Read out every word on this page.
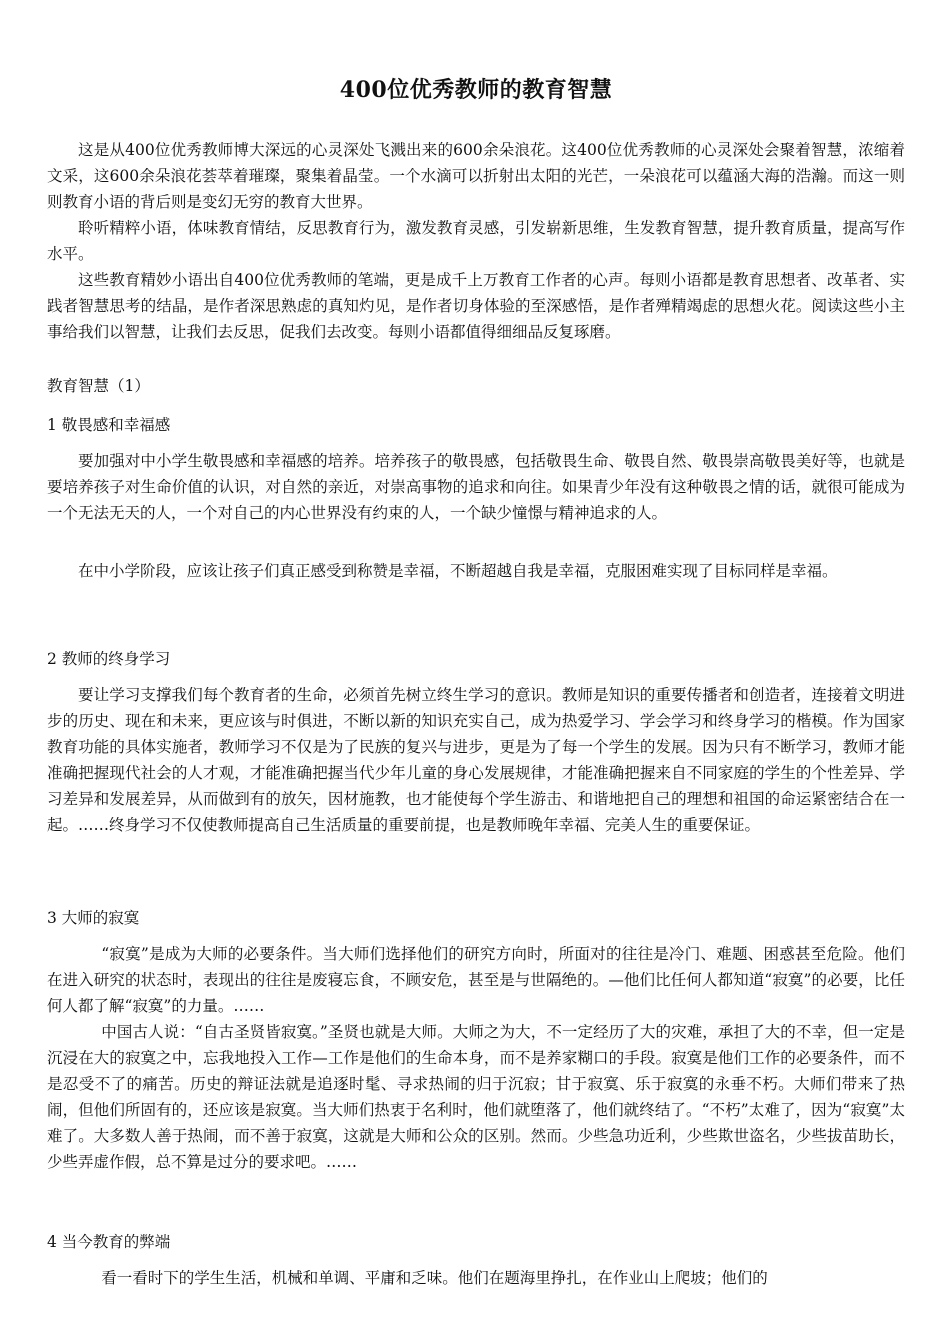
400位优秀教师的教育智慧

这是从400位优秀教师博大深远的心灵深处飞溅出来的600余朵浪花。这400位优秀教师的心灵深处会聚着智慧，浓缩着文采，这600余朵浪花荟萃着璀璨，聚集着晶莹。一个水滴可以折射出太阳的光芒，一朵浪花可以蕴涵大海的浩瀚。而这一则则教育小语的背后则是变幻无穷的教育大世界。

聆听精粹小语，体味教育情结，反思教育行为，激发教育灵感，引发崭新思维，生发教育智慧，提升教育质量，提高写作水平。

这些教育精妙小语出自400位优秀教师的笔端，更是成千上万教育工作者的心声。每则小语都是教育思想者、改革者、实践者智慧思考的结晶，是作者深思熟虑的真知灼见，是作者切身体验的至深感悟，是作者殚精竭虑的思想火花。阅读这些小主事给我们以智慧，让我们去反思，促我们去改变。每则小语都值得细细品反复琢磨。

教育智慧（1）
1 敬畏感和幸福感

要加强对中小学生敬畏感和幸福感的培养。培养孩子的敬畏感，包括敬畏生命、敬畏自然、敬畏崇高敬畏美好等，也就是要培养孩子对生命价值的认识，对自然的亲近，对崇高事物的追求和向往。如果青少年没有这种敬畏之情的话，就很可能成为一个无法无天的人，一个对自己的内心世界没有约束的人，一个缺少憧憬与精神追求的人。

在中小学阶段，应该让孩子们真正感受到称赞是幸福，不断超越自我是幸福，克服困难实现了目标同样是幸福。

2 教师的终身学习

要让学习支撑我们每个教育者的生命，必须首先树立终生学习的意识。教师是知识的重要传播者和创造者，连接着文明进步的历史、现在和未来，更应该与时俱进，不断以新的知识充实自己，成为热爱学习、学会学习和终身学习的楷模。作为国家教育功能的具体实施者，教师学习不仅是为了民族的复兴与进步，更是为了每一个学生的发展。因为只有不断学习，教师才能准确把握现代社会的人才观，才能准确把握当代少年儿童的身心发展规律，才能准确把握来自不同家庭的学生的个性差异、学习差异和发展差异，从而做到有的放矢，因材施教，也才能使每个学生游击、和谐地把自己的理想和祖国的命运紧密结合在一起。……终身学习不仅使教师提高自己生活质量的重要前提，也是教师晚年幸福、完美人生的重要保证。

3 大师的寂寞

“寂寞”是成为大师的必要条件。当大师们选择他们的研究方向时，所面对的往往是冷门、难题、困惑甚至危险。他们在进入研究的状态时，表现出的往往是废寝忘食，不顾安危，甚至是与世隔绝的。—他们比任何人都知道“寂寞”的必要，比任何人都了解“寂寞”的力量。……

中国古人说：“自古圣贤皆寂寞。”圣贤也就是大师。大师之为大，不一定经历了大的灾难，承担了大的不幸，但一定是沉浸在大的寂寞之中，忘我地投入工作—工作是他们的生命本身，而不是养家糊口的手段。寂寞是他们工作的必要条件，而不是忍受不了的痛苦。历史的辩证法就是追逐时髦、寻求热闹的归于沉寂；甘于寂寞、乐于寂寞的永垂不朽。大师们带来了热闹，但他们所固有的，还应该是寂寞。当大师们热衷于名利时，他们就堕落了，他们就终结了。“不朽”太难了，因为“寂寞”太难了。大多数人善于热闹，而不善于寂寞，这就是大师和公众的区别。然而。少些急功近利，少些欺世盗名，少些拔苗助长，少些弄虚作假，总不算是过分的要求吧。……

4 当今教育的弊端

看一看时下的学生生活，机械和单调、平庸和乏味。他们在题海里挣扎，在作业山上爬坡；他们的
